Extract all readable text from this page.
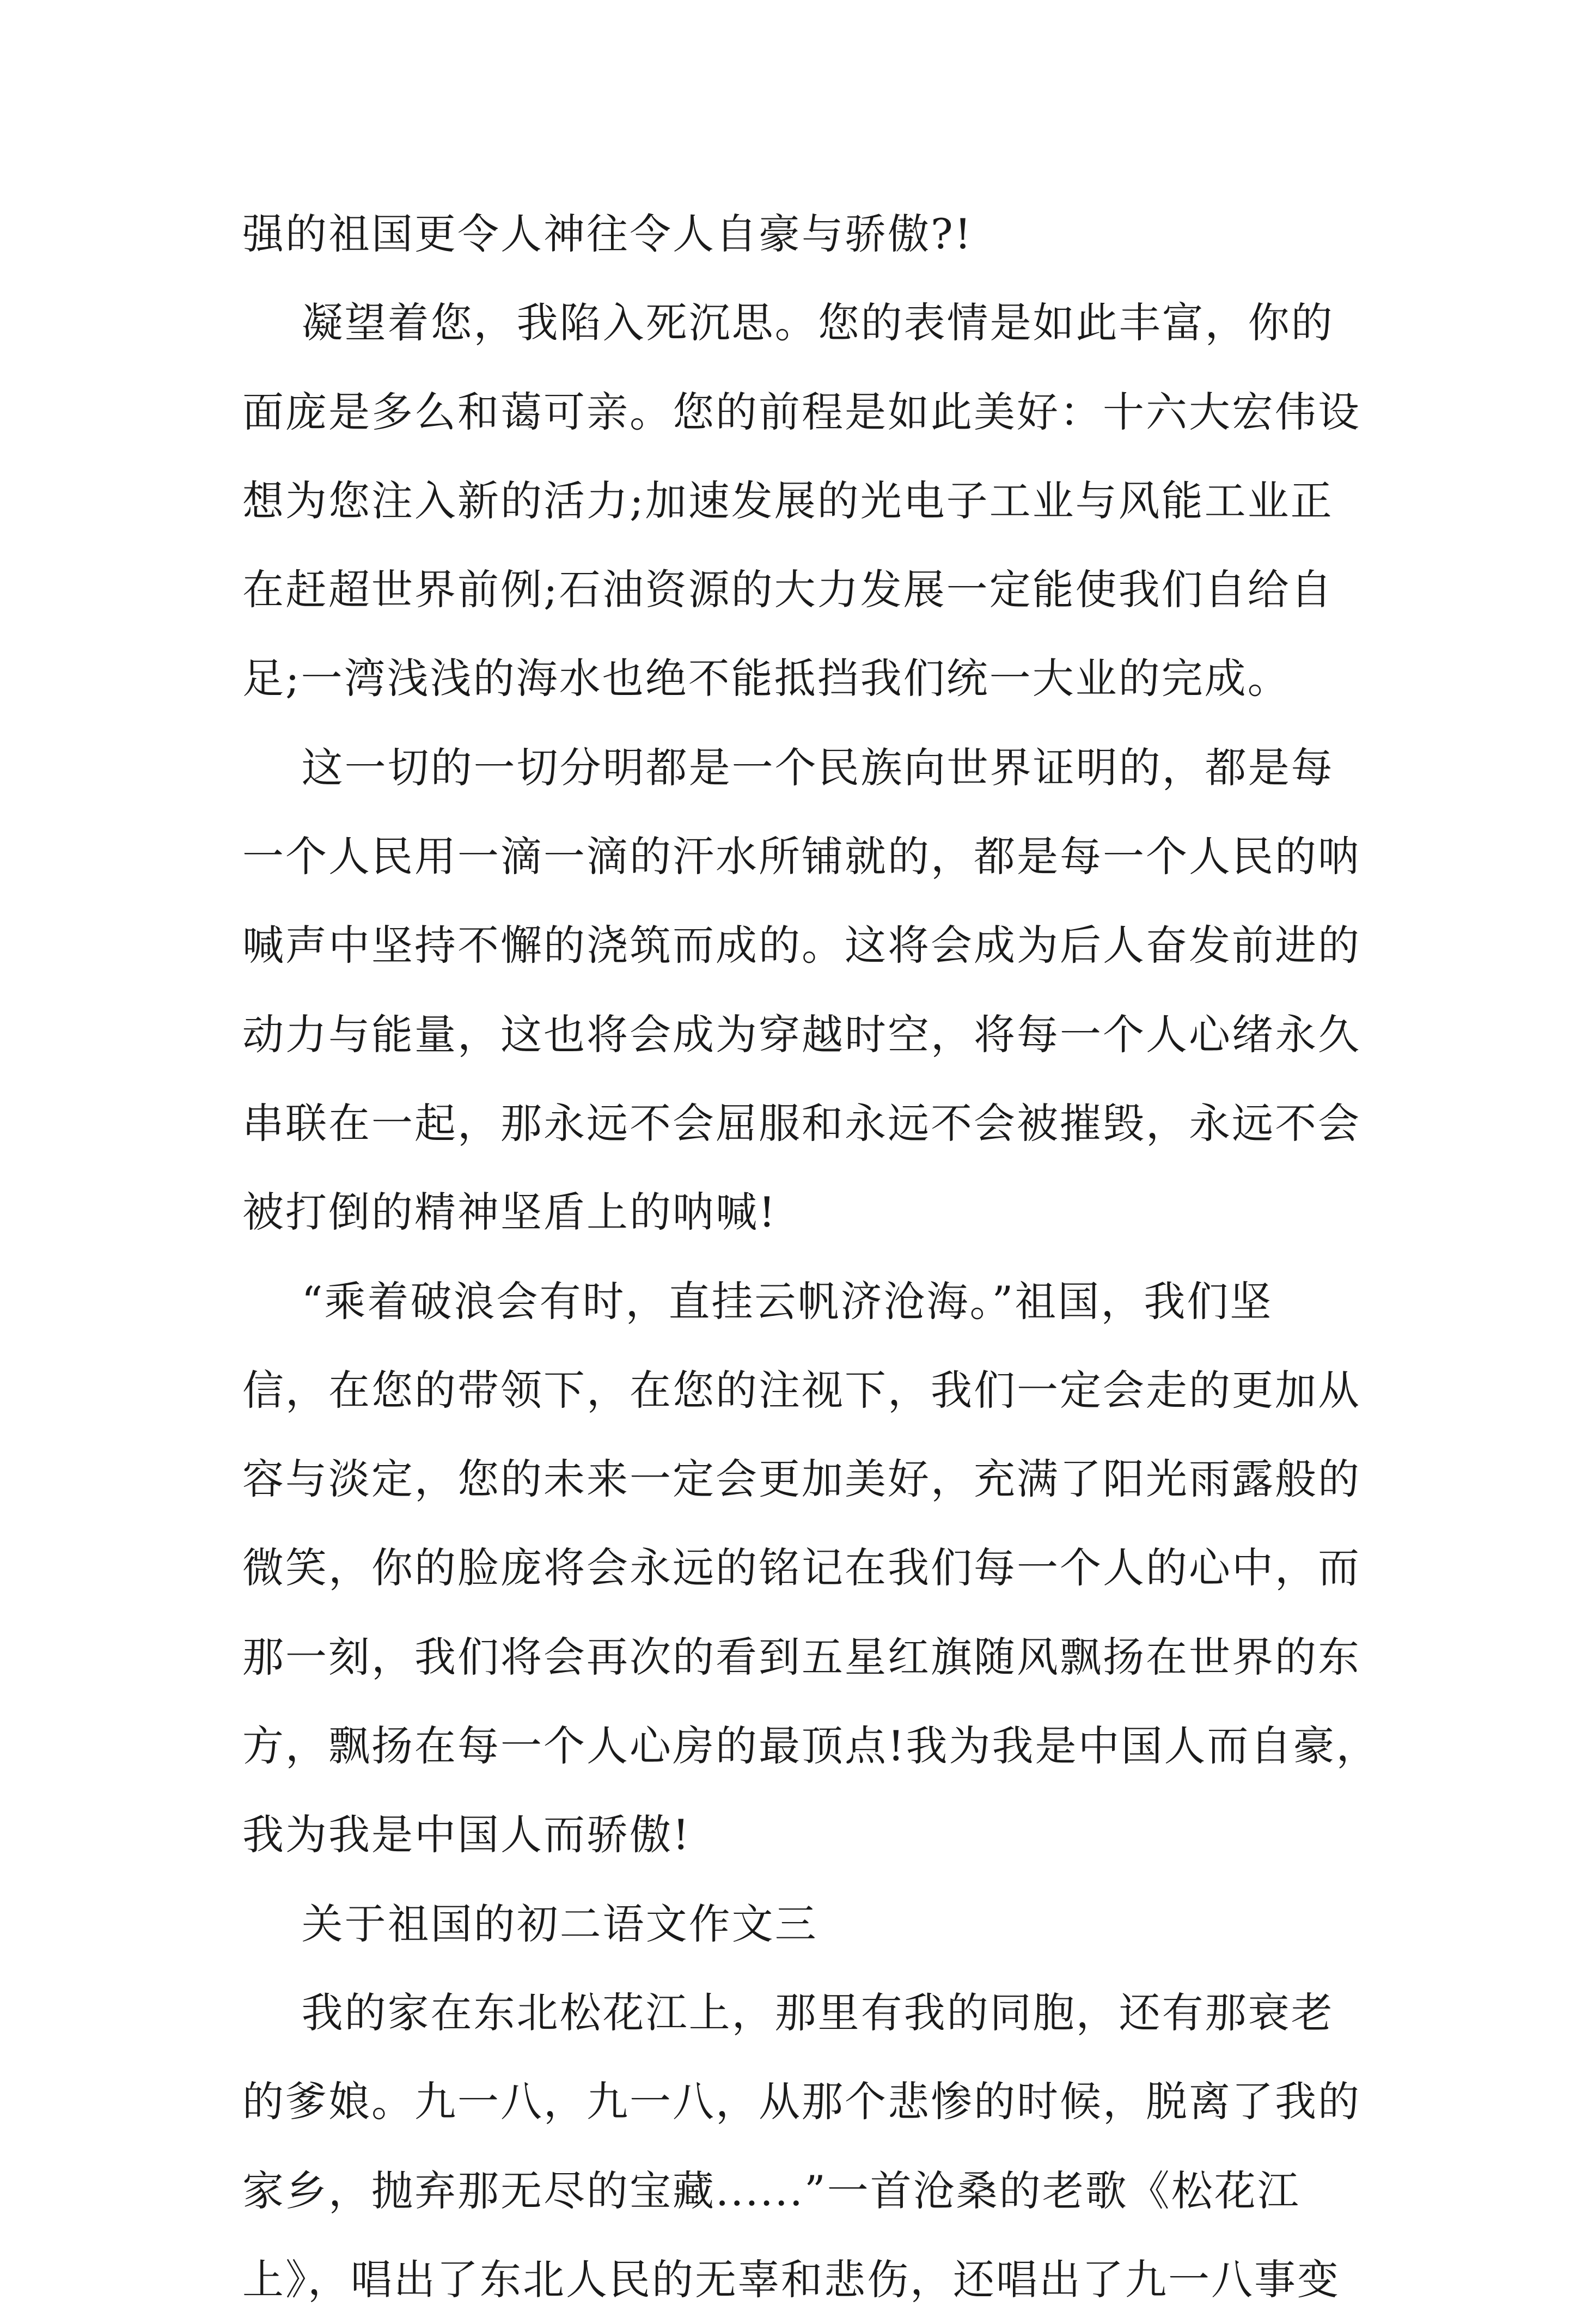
强的祖国更令人神往令人自豪与骄傲?!
凝望着您，我陷入死沉思。您的表情是如此丰富，你的
面庞是多么和蔼可亲。您的前程是如此美好：十六大宏伟设
想为您注入新的活力;加速发展的光电子工业与风能工业正
在赶超世界前例;石油资源的大力发展一定能使我们自给自
足;一湾浅浅的海水也绝不能抵挡我们统一大业的完成。
这一切的一切分明都是一个民族向世界证明的，都是每
一个人民用一滴一滴的汗水所铺就的，都是每一个人民的呐
喊声中坚持不懈的浇筑而成的。这将会成为后人奋发前进的
动力与能量，这也将会成为穿越时空，将每一个人心绪永久
串联在一起，那永远不会屈服和永远不会被摧毁，永远不会
被打倒的精神坚盾上的呐喊!
“乘着破浪会有时，直挂云帆济沧海。”祖国，我们坚
信，在您的带领下，在您的注视下，我们一定会走的更加从
容与淡定，您的未来一定会更加美好，充满了阳光雨露般的
微笑，你的脸庞将会永远的铭记在我们每一个人的心中，而
那一刻，我们将会再次的看到五星红旗随风飘扬在世界的东
方，飘扬在每一个人心房的最顶点!我为我是中国人而自豪，
我为我是中国人而骄傲!
关于祖国的初二语文作文三
我的家在东北松花江上，那里有我的同胞，还有那衰老
的爹娘。九一八，九一八，从那个悲惨的时候，脱离了我的
家乡，抛弃那无尽的宝藏......”一首沧桑的老歌《松花江
上》，唱出了东北人民的无辜和悲伤，还唱出了九一八事变
